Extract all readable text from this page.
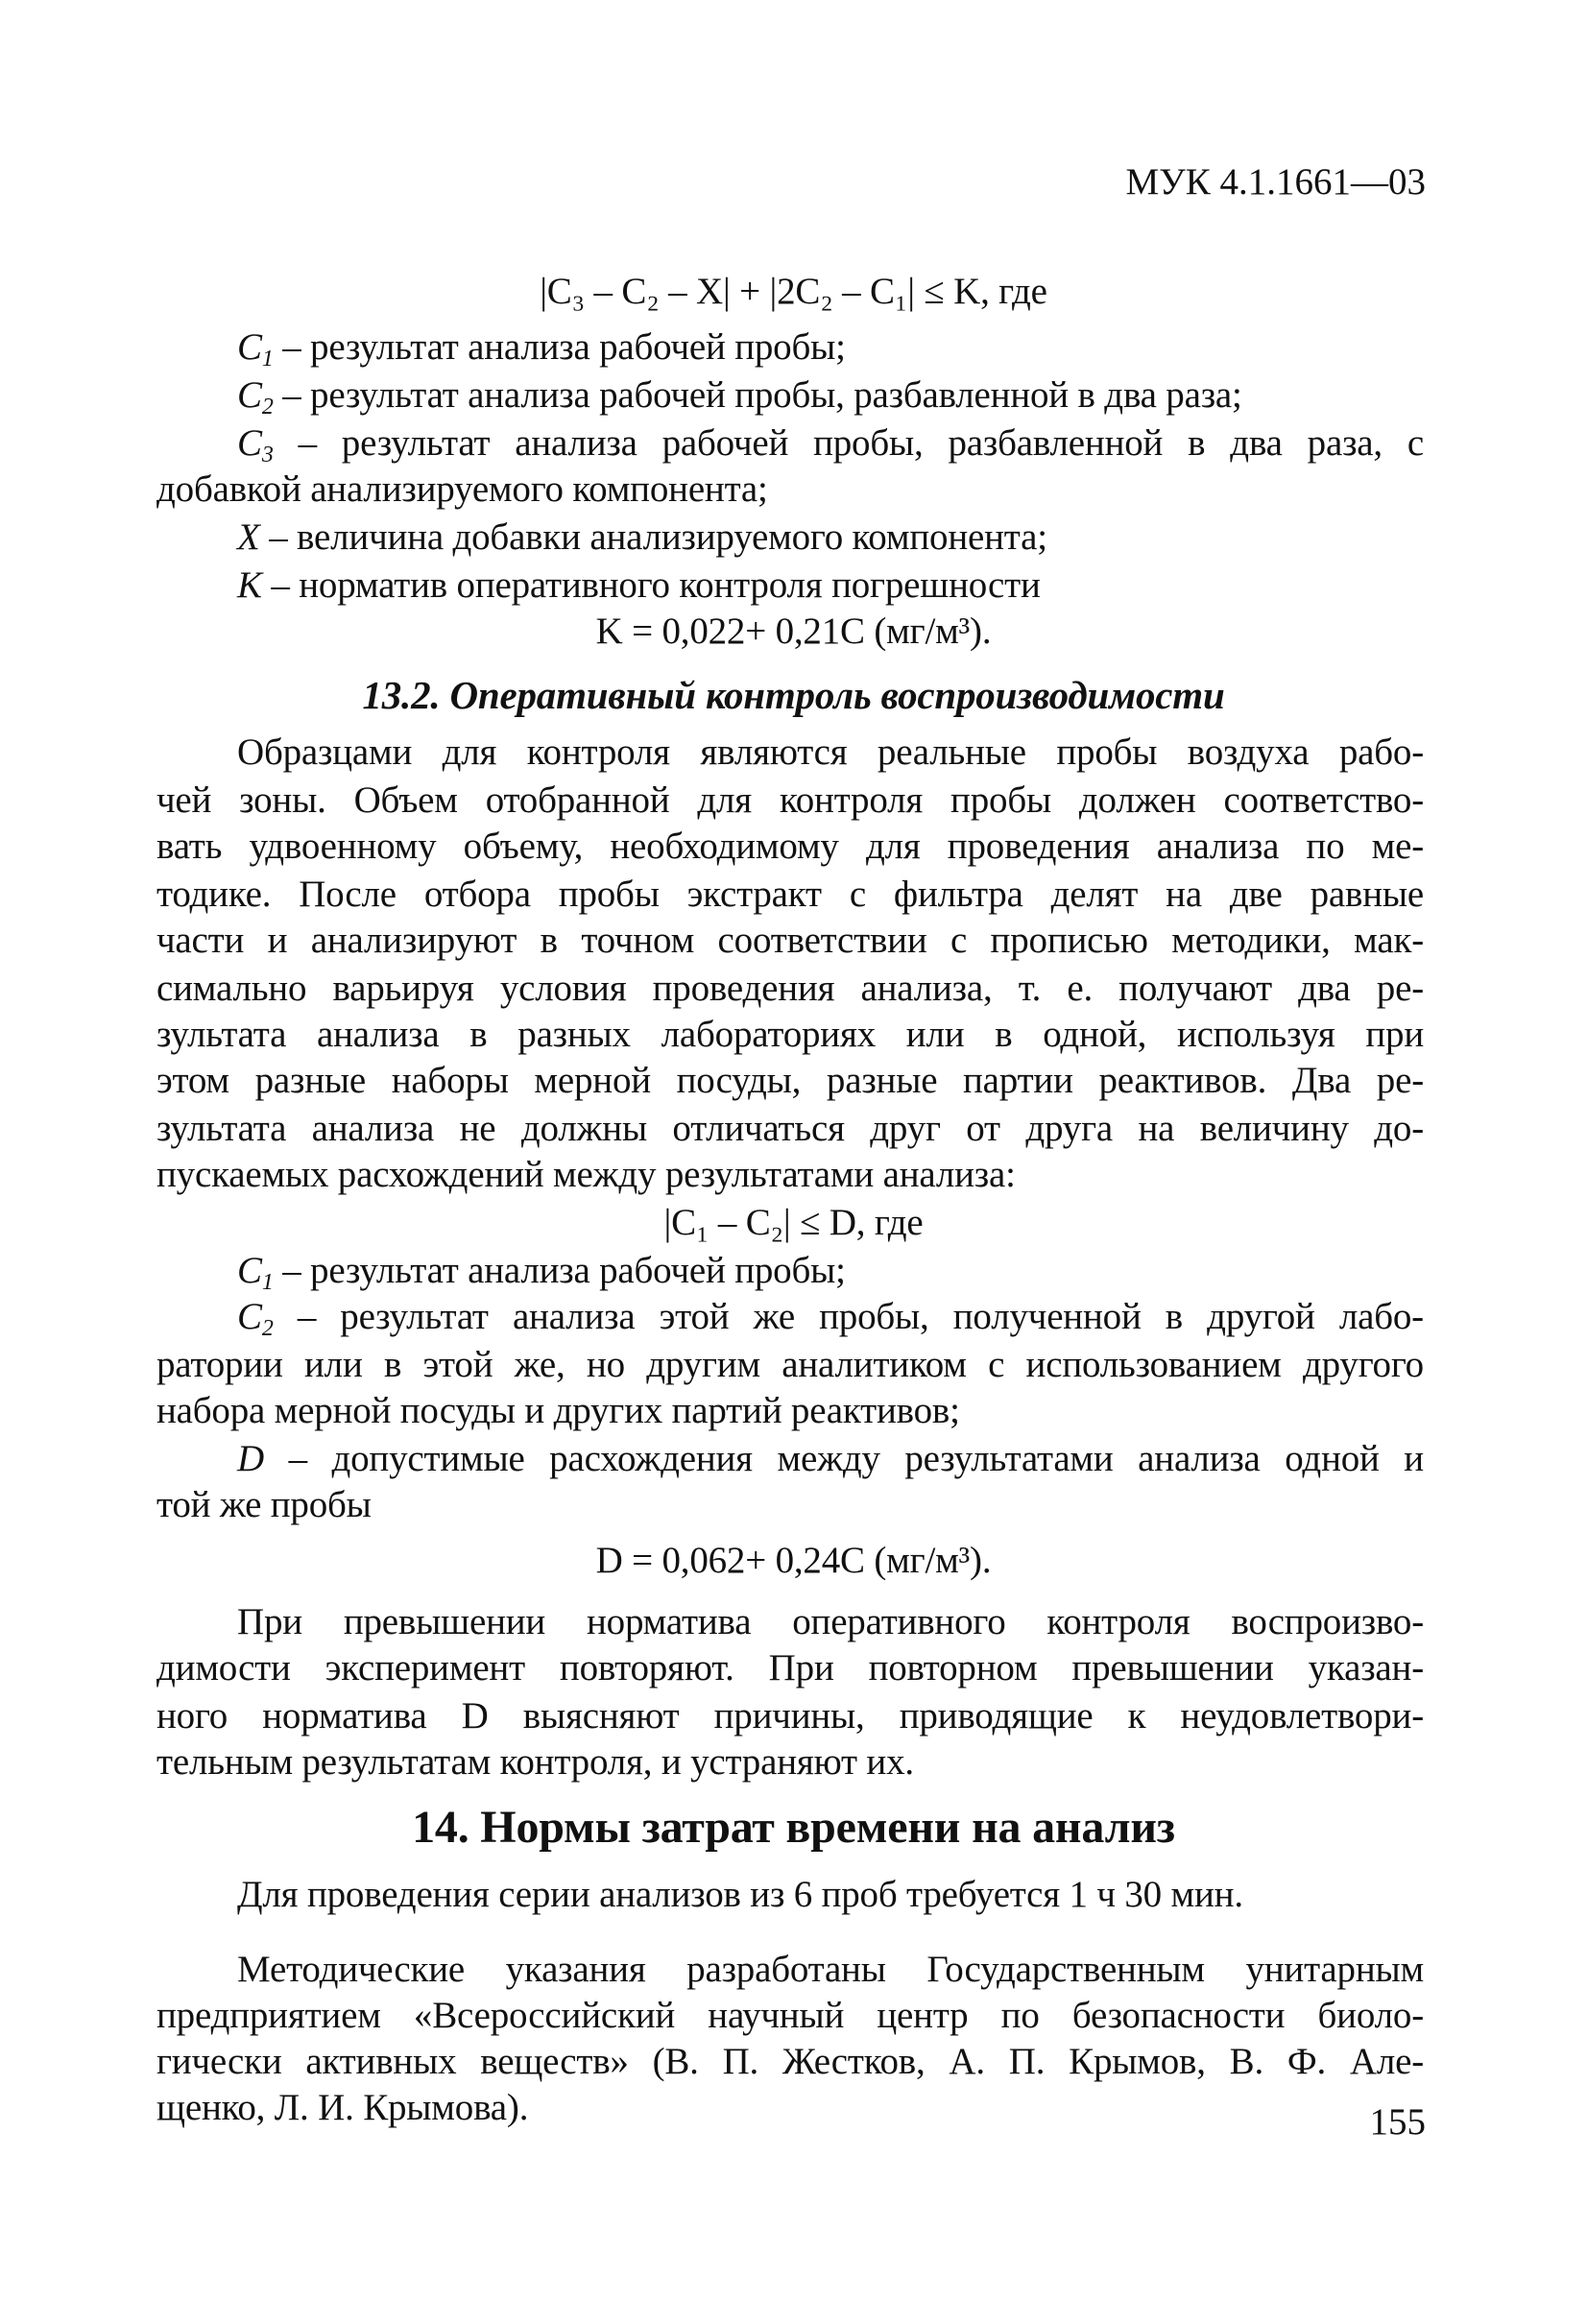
МУК 4.1.1661—03
|C₃ – C₂ – X| + |2C₂ – C₁| ≤ K, где
$C_1$ – результат анализа рабочей пробы;
$C_2$ – результат анализа рабочей пробы, разбавленной в два раза;
$C_3$ – результат анализа рабочей пробы, разбавленной в два раза, с
добавкой анализируемого компонента;
X – величина добавки анализируемого компонента;
K – норматив оперативного контроля погрешности
K = 0,022+ 0,21C (мг/м³).
13.2. Оперативный контроль воспроизводимости
Образцами для контроля являются реальные пробы воздуха рабо-
чей зоны. Объем отобранной для контроля пробы должен соответство-
вать удвоенному объему, необходимому для проведения анализа по ме-
тодике. После отбора пробы экстракт с фильтра делят на две равные
части и анализируют в точном соответствии с прописью методики, мак-
симально варьируя условия проведения анализа, т. е. получают два ре-
зультата анализа в разных лабораториях или в одной, используя при
этом разные наборы мерной посуды, разные партии реактивов. Два ре-
зультата анализа не должны отличаться друг от друга на величину до-
пускаемых расхождений между результатами анализа:
|C₁ – C₂| ≤ D, где
$C_1$ – результат анализа рабочей пробы;
$C_2$ – результат анализа этой же пробы, полученной в другой лабо-
ратории или в этой же, но другим аналитиком с использованием другого
набора мерной посуды и других партий реактивов;
D – допустимые расхождения между результатами анализа одной и
той же пробы
D = 0,062+ 0,24C (мг/м³).
При превышении норматива оперативного контроля воспроизво-
димости эксперимент повторяют. При повторном превышении указан-
ного норматива D выясняют причины, приводящие к неудовлетвори-
тельным результатам контроля, и устраняют их.
14. Нормы затрат времени на анализ
Для проведения серии анализов из 6 проб требуется 1 ч 30 мин.
Методические указания разработаны Государственным унитарным
предприятием «Всероссийский научный центр по безопасности биоло-
гически активных веществ» (В. П. Жестков, А. П. Крымов, В. Ф. Але-
щенко, Л. И. Крымова).	155
